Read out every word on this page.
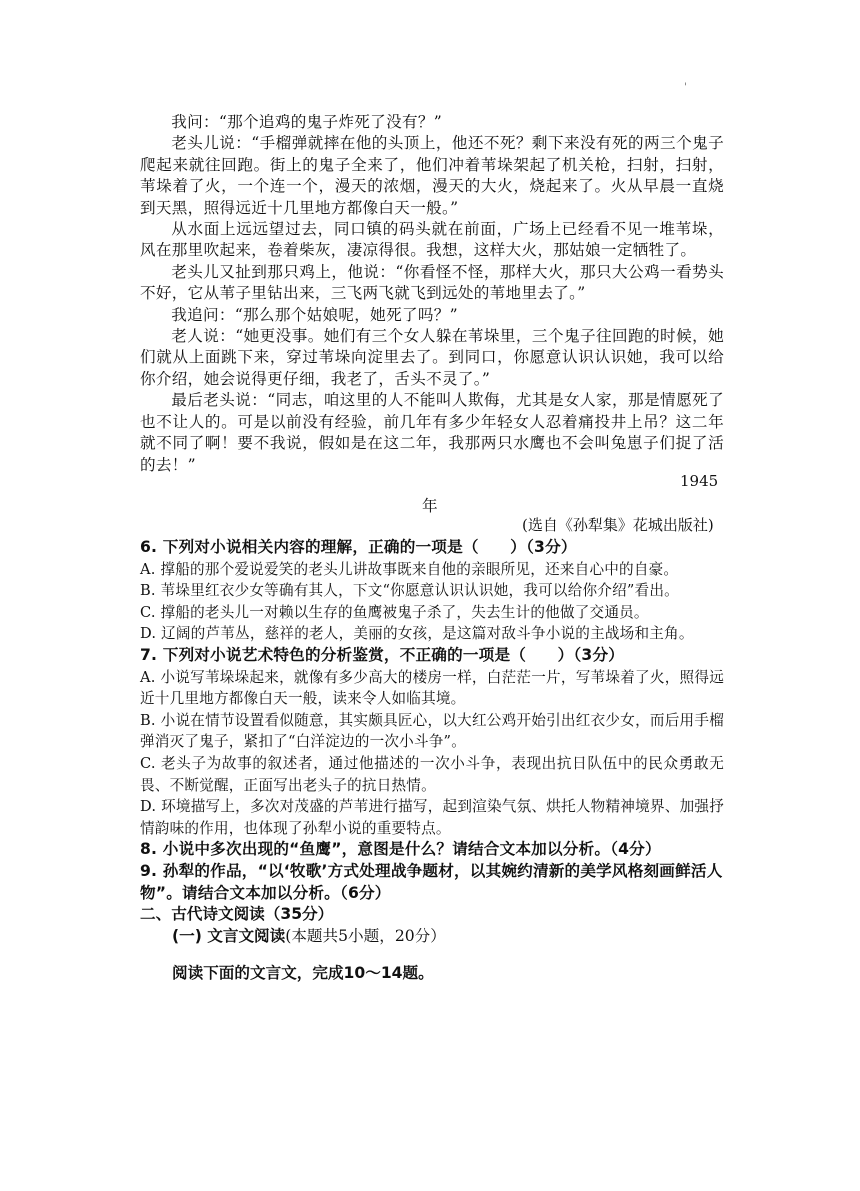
'

我问：“那个追鸡的鬼子炸死了没有？”

老头儿说：“手榴弹就摔在他的头顶上，他还不死？剩下来没有死的两三个鬼子爬起来就往回跑。街上的鬼子全来了，他们冲着苇垛架起了机关枪，扫射，扫射，苇垛着了火，一个连一个，漫天的浓烟，漫天的大火，烧起来了。火从早晨一直烧到天黑，照得远近十几里地方都像白天一般。”

从水面上远远望过去，同口镇的码头就在前面，广场上已经看不见一堆苇垛，风在那里吹起来，卷着柴灰，凄凉得很。我想，这样大火，那姑娘一定牺牲了。

老头儿又扯到那只鸡上，他说：“你看怪不怪，那样大火，那只大公鸡一看势头不好，它从苇子里钻出来，三飞两飞就飞到远处的苇地里去了。”

我追问：“那么那个姑娘呢，她死了吗？”

老人说：“她更没事。她们有三个女人躲在苇垛里，三个鬼子往回跑的时候，她们就从上面跳下来，穿过苇垛向淀里去了。到同口，你愿意认识认识她，我可以给你介绍，她会说得更仔细，我老了，舌头不灵了。”

最后老头说：“同志，咱这里的人不能叫人欺侮，尤其是女人家，那是情愿死了也不让人的。可是以前没有经验，前几年有多少年轻女人忍着痛投井上吊？这二年就不同了啊！要不我说，假如是在这二年，我那两只水鹰也不会叫兔崽子们捉了活的去！”

1945
年
(选自《孙犁集》花城出版社)

6. 下列对小说相关内容的理解，正确的一项是（　　）（3分）

A. 撑船的那个爱说爱笑的老头儿讲故事既来自他的亲眼所见，还来自心中的自豪。

B. 苇垛里红衣少女等确有其人，下文“你愿意认识认识她，我可以给你介绍”看出。

C. 撑船的老头儿一对赖以生存的鱼鹰被鬼子杀了，失去生计的他做了交通员。

D. 辽阔的芦苇丛，慈祥的老人，美丽的女孩，是这篇对敌斗争小说的主战场和主角。

7. 下列对小说艺术特色的分析鉴赏，不正确的一项是（　　）（3分）

A. 小说写苇垛垛起来，就像有多少高大的楼房一样，白茫茫一片，写苇垛着了火，照得远近十几里地方都像白天一般，读来令人如临其境。

B. 小说在情节设置看似随意，其实颇具匠心，以大红公鸡开始引出红衣少女，而后用手榴弹消灭了鬼子，紧扣了“白洋淀边的一次小斗争”。

C. 老头子为故事的叙述者，通过他描述的一次小斗争，表现出抗日队伍中的民众勇敢无畏、不断觉醒，正面写出老头子的抗日热情。

D. 环境描写上，多次对茂盛的芦苇进行描写，起到渲染气氛、烘托人物精神境界、加强抒情韵味的作用，也体现了孙犁小说的重要特点。

8. 小说中多次出现的“鱼鹰”，意图是什么？请结合文本加以分析。（4分）

9. 孙犁的作品，“以‘牧歌’方式处理战争题材，以其婉约清新的美学风格刻画鲜活人物”。请结合文本加以分析。（6分）

二、古代诗文阅读（35分）

(一) 文言文阅读(本题共5小题，20分）

阅读下面的文言文，完成10～14题。
